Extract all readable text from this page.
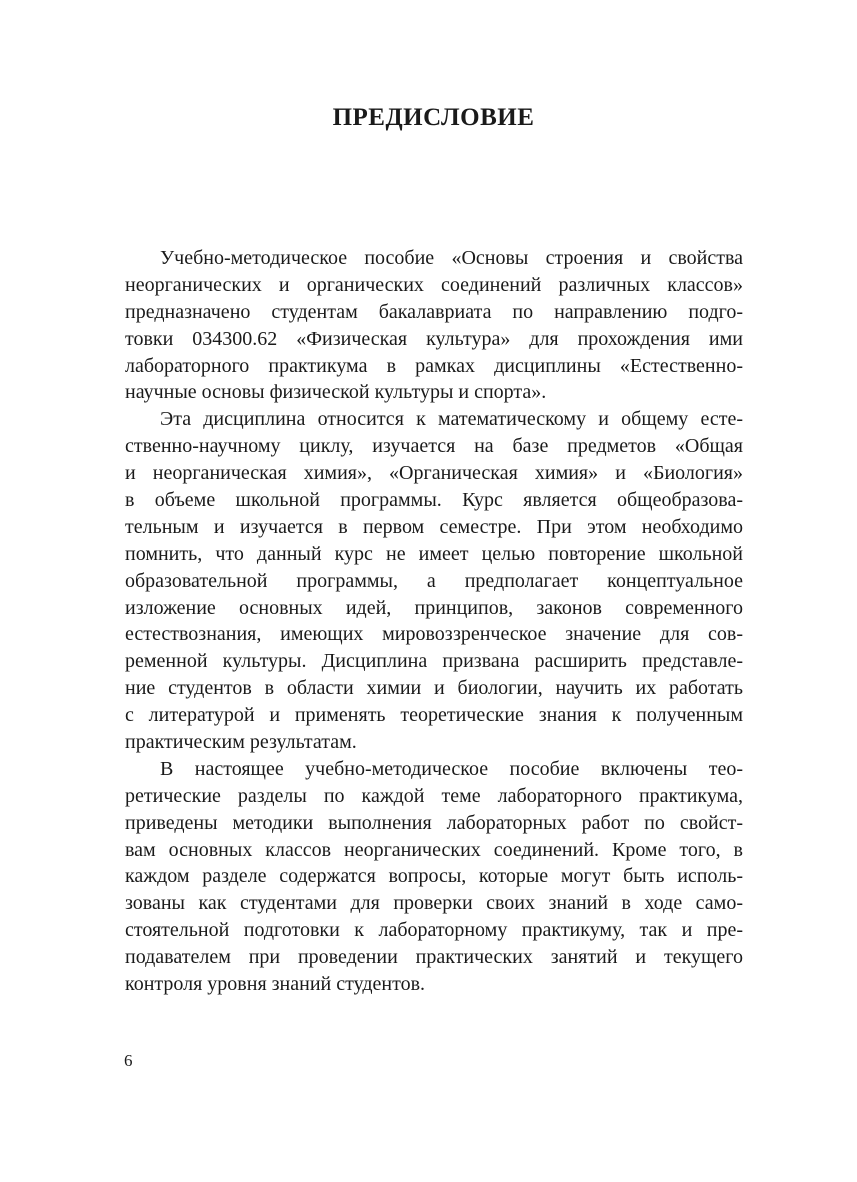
ПРЕДИСЛОВИЕ
Учебно-методическое пособие «Основы строения и свойства
неорганических и органических соединений различных классов»
предназначено студентам бакалавриата по направлению подго-
товки 034300.62 «Физическая культура» для прохождения ими
лабораторного практикума в рамках дисциплины «Естественно-
научные основы физической культуры и спорта».
Эта дисциплина относится к математическому и общему есте-
ственно-научному циклу, изучается на базе предметов «Общая
и неорганическая химия», «Органическая химия» и «Биология»
в объеме школьной программы. Курс является общеобразова-
тельным и изучается в первом семестре. При этом необходимо
помнить, что данный курс не имеет целью повторение школьной
образовательной программы, а предполагает концептуальное
изложение основных идей, принципов, законов современного
естествознания, имеющих мировоззренческое значение для сов-
ременной культуры. Дисциплина призвана расширить представле-
ние студентов в области химии и биологии, научить их работать
с литературой и применять теоретические знания к полученным
практическим результатам.
В настоящее учебно-методическое пособие включены тео-
ретические разделы по каждой теме лабораторного практикума,
приведены методики выполнения лабораторных работ по свойст-
вам основных классов неорганических соединений. Кроме того, в
каждом разделе содержатся вопросы, которые могут быть исполь-
зованы как студентами для проверки своих знаний в ходе само-
стоятельной подготовки к лабораторному практикуму, так и пре-
подавателем при проведении практических занятий и текущего
контроля уровня знаний студентов.
6
